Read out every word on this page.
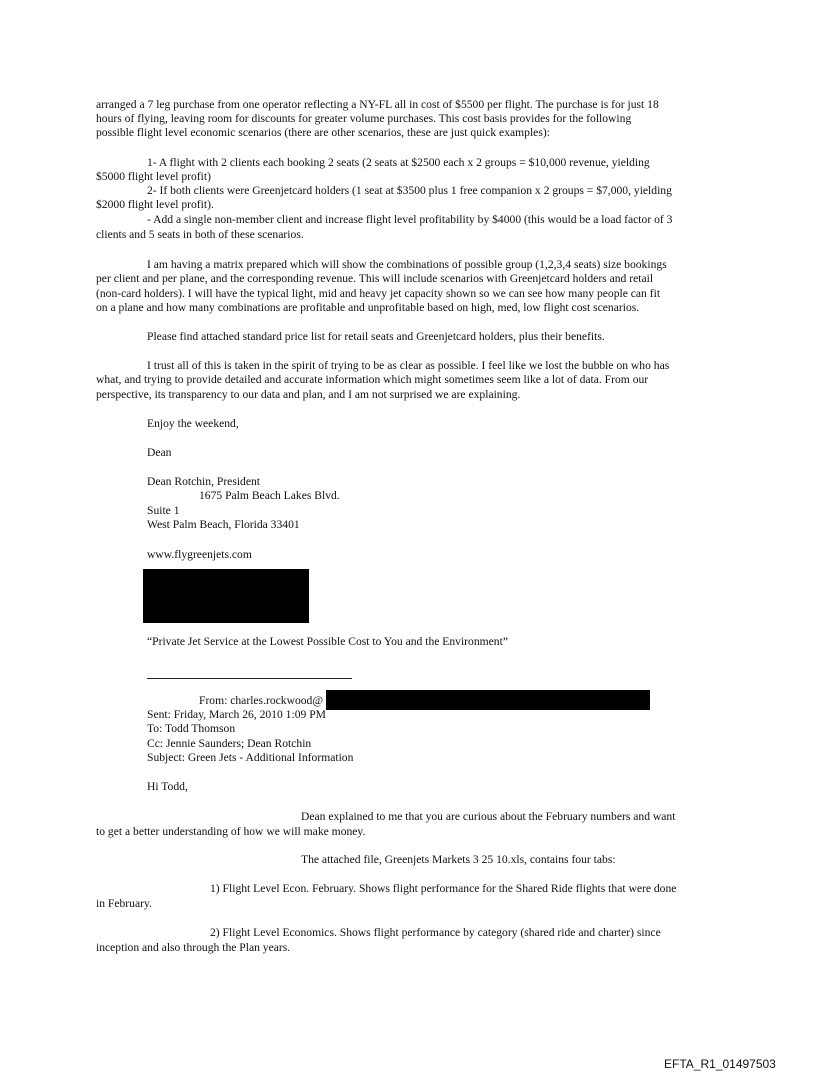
arranged a 7 leg purchase from one operator reflecting a NY-FL all in cost of $5500 per flight. The purchase is for just 18
hours of flying, leaving room for discounts for greater volume purchases. This cost basis provides for the following
possible flight level economic scenarios (there are other scenarios, these are just quick examples):
1- A flight with 2 clients each booking 2 seats (2 seats at $2500 each x 2 groups = $10,000 revenue, yielding
$5000 flight level profit)
2- If both clients were Greenjetcard holders (1 seat at $3500 plus 1 free companion x 2 groups = $7,000, yielding
$2000 flight level profit).
- Add a single non-member client and increase flight level profitability by $4000 (this would be a load factor of 3
clients and 5 seats in both of these scenarios.
I am having a matrix prepared which will show the combinations of possible group (1,2,3,4 seats) size bookings
per client and per plane, and the corresponding revenue. This will include scenarios with Greenjetcard holders and retail
(non-card holders). I will have the typical light, mid and heavy jet capacity shown so we can see how many people can fit
on a plane and how many combinations are profitable and unprofitable based on high, med, low flight cost scenarios.
Please find attached standard price list for retail seats and Greenjetcard holders, plus their benefits.
I trust all of this is taken in the spirit of trying to be as clear as possible. I feel like we lost the bubble on who has
what, and trying to provide detailed and accurate information which might sometimes seem like a lot of data. From our
perspective, its transparency to our data and plan, and I am not surprised we are explaining.
Enjoy the weekend,
Dean
Dean Rotchin, President
1675 Palm Beach Lakes Blvd.
Suite 1
West Palm Beach, Florida 33401
www.flygreenjets.com
“Private Jet Service at the Lowest Possible Cost to You and the Environment”
From: charles.rockwood@
Sent: Friday, March 26, 2010 1:09 PM
To: Todd Thomson
Cc: Jennie Saunders; Dean Rotchin
Subject: Green Jets - Additional Information
Hi Todd,
Dean explained to me that you are curious about the February numbers and want
to get a better understanding of how we will make money.
The attached file, Greenjets Markets 3 25 10.xls, contains four tabs:
1) Flight Level Econ. February. Shows flight performance for the Shared Ride flights that were done
in February.
2) Flight Level Economics. Shows flight performance by category (shared ride and charter) since
inception and also through the Plan years.
EFTA_R1_01497503
